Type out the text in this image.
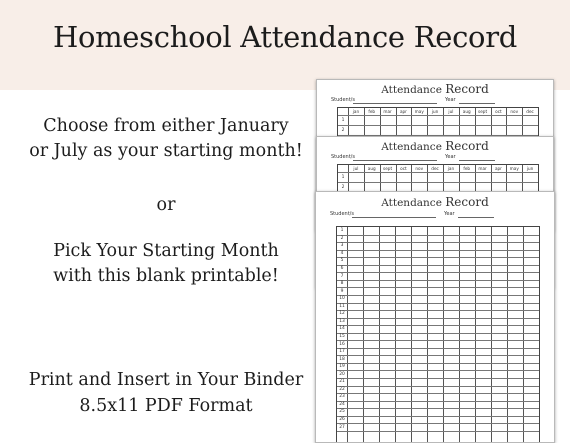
Homeschool Attendance Record
Choose from either January
or July as your starting month!
or
Pick Your Starting Month
with this blank printable!
Print and Insert in Your Binder
8.5x11 PDF Format
Attendance Record
Student/s	Year
jan	feb	mar	apr	may	jun	jul	aug	sept	oct	nov	dec
1
2
Attendance Record
Student/s	Year
jul	aug	sept	oct	nov	dec	jan	feb	mar	apr	may	jun
1
2
Attendance Record
Student/s	Year
1
2
3
4
5
6
7
8
9
10
11
12
13
14
15
16
17
18
19
20
21
22
23
24
25
26
27
